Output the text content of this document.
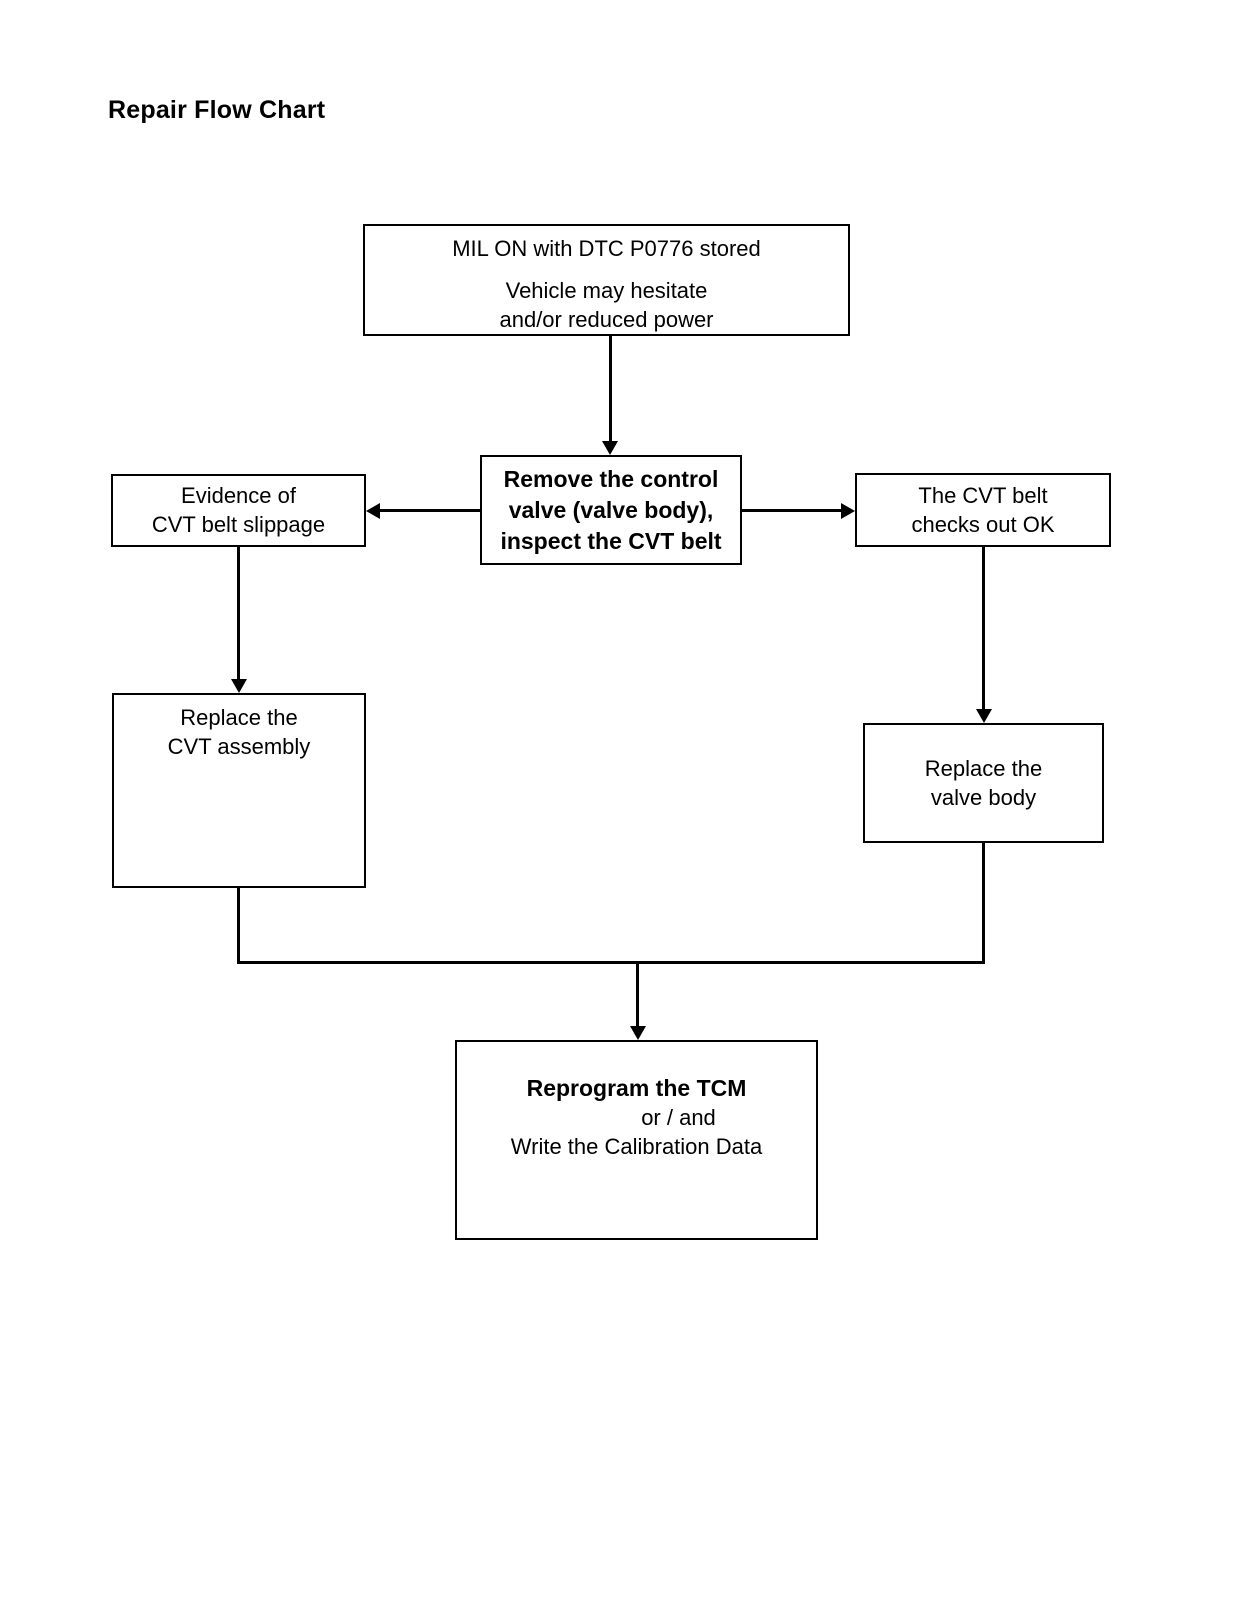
Repair Flow Chart
MIL ON with DTC P0776 stored
Vehicle may hesitate
and/or reduced power
Remove the control
valve (valve body),
inspect the CVT belt
Evidence of
CVT belt slippage
The CVT belt
checks out OK
Replace the
CVT assembly
Replace the
valve body
Reprogram the TCM
or / and
Write the Calibration Data
